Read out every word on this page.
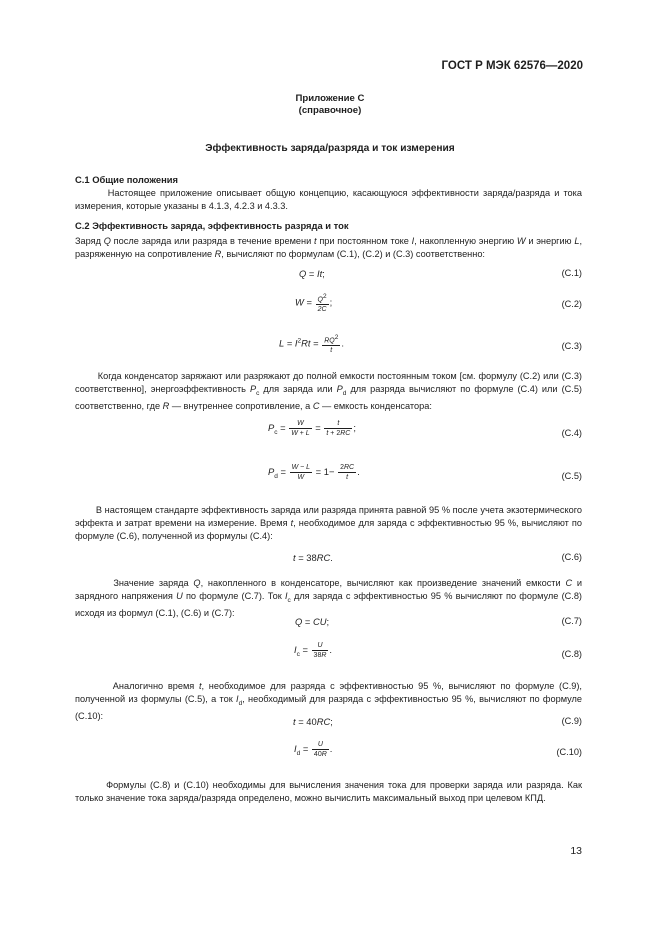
ГОСТ Р МЭК 62576—2020
Приложение С
(справочное)
Эффективность заряда/разряда и ток измерения
С.1 Общие положения
Настоящее приложение описывает общую концепцию, касающуюся эффективности заряда/разряда и тока измерения, которые указаны в 4.1.3, 4.2.3 и 4.3.3.
С.2 Эффективность заряда, эффективность разряда и ток
Заряд Q после заряда или разряда в течение времени t при постоянном токе I, накопленную энергию W и энергию L, разряженную на сопротивление R, вычисляют по формулам (С.1), (С.2) и (С.3) соответственно:
Q = It;	(С.1)
$W = \frac{Q^2}{2C}$ ;	(С.2)
$L = I^2Rt = \frac{RQ^2}{t}$ .	(С.3)
Когда конденсатор заряжают или разряжают до полной емкости постоянным током [см. формулу (С.2) или (С.3) соответственно], энергоэффективность $P_c$ для заряда или $P_d$ для разряда вычисляют по формуле (С.4) или (С.5) соответственно, где R — внутреннее сопротивление, а C — емкость конденсатора:
$P_c = \frac{W}{W + L} = \frac{t}{t + 2RC}$ ;
(С.4)
$P_d = \frac{W - L}{W} = 1- \frac{2RC}{t}$ .	(С.5)
В настоящем стандарте эффективность заряда или разряда принята равной 95 % после учета экзотермического эффекта и затрат времени на измерение. Время t, необходимое для заряда с эффективностью 95 %, вычисляют по формуле (С.6), полученной из формулы (С.4):
t = 38RC.	(С.6)
Значение заряда Q, накопленного в конденсаторе, вычисляют как произведение значений емкости C и зарядного напряжения U по формуле (С.7). Ток $I_c$ для заряда с эффективностью 95 % вычисляют по формуле (С.8) исходя из формул (С.1), (С.6) и (С.7):
Q = CU;	(С.7)
$I_c = \frac{U}{38R}$ .	(С.8)
Аналогично время t, необходимое для разряда с эффективностью 95 %, вычисляют по формуле (С.9), полученной из формулы (С.5), а ток $I_d$, необходимый для разряда с эффективностью 95 %, вычисляют по формуле (С.10):	t = 40RC;	(С.9)
$I_d = \frac{U}{40R}$ .	(С.10)
Формулы (С.8) и (С.10) необходимы для вычисления значения тока для проверки заряда или разряда. Как только значение тока заряда/разряда определено, можно вычислить максимальный выход при целевом КПД.
13
